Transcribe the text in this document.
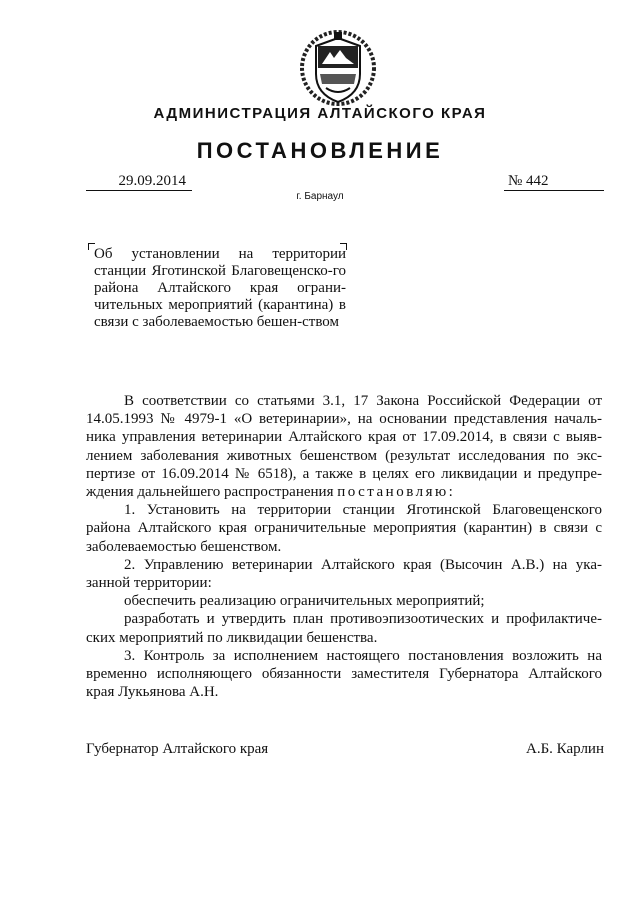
АДМИНИСТРАЦИЯ АЛТАЙСКОГО КРАЯ
ПОСТАНОВЛЕНИЕ
29.09.2014	№ 442
г. Барнаул
Об установлении на территории станции Яготинской Благовещенско-го района Алтайского края ограни-чительных мероприятий (карантина) в связи с заболеваемостью бешен-ством

В соответствии со статьями 3.1, 17 Закона Российской Федерации от 14.05.1993 № 4979-1 «О ветеринарии», на основании представления началь-ника управления ветеринарии Алтайского края от 17.09.2014, в связи с выяв-лением заболевания животных бешенством (результат исследования по экс-пертизе от 16.09.2014 № 6518), а также в целях его ликвидации и предупре-ждения дальнейшего распространения постановляю:

1. Установить на территории станции Яготинской Благовещенского района Алтайского края ограничительные мероприятия (карантин) в связи с заболеваемостью бешенством.

2. Управлению ветеринарии Алтайского края (Высочин А.В.) на ука-занной территории:

обеспечить реализацию ограничительных мероприятий;

разработать и утвердить план противоэпизоотических и профилактиче-ских мероприятий по ликвидации бешенства.

3. Контроль за исполнением настоящего постановления возложить на временно исполняющего обязанности заместителя Губернатора Алтайского края Лукьянова А.Н.

Губернатор Алтайского края	А.Б. Карлин
